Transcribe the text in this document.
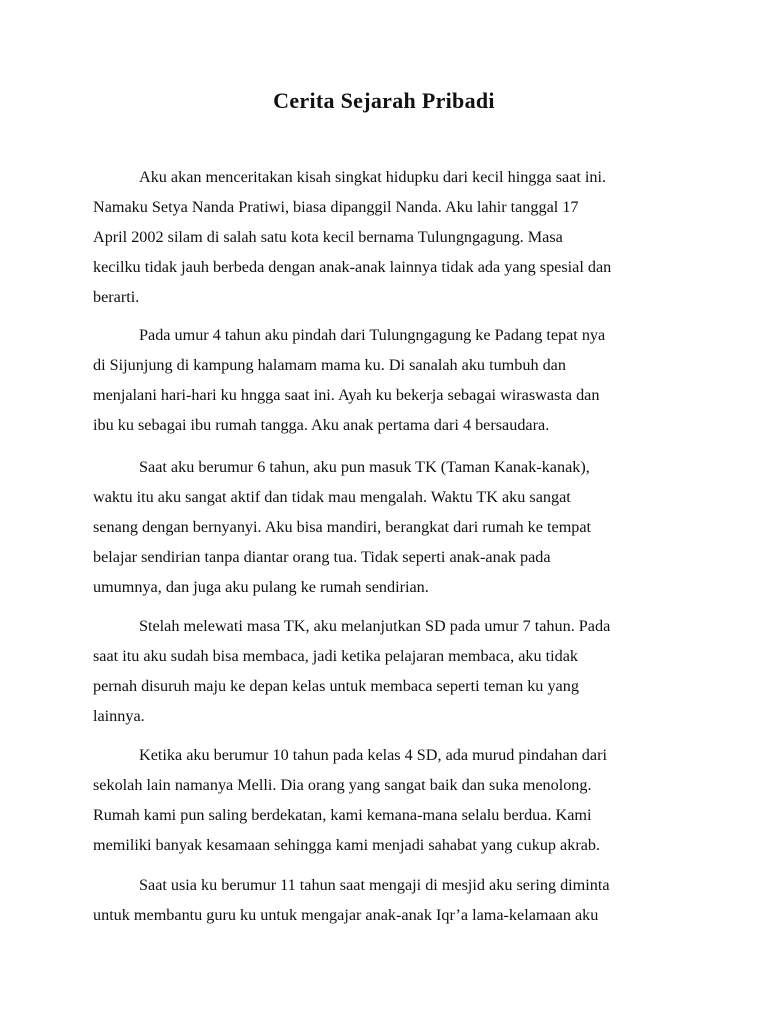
Cerita Sejarah Pribadi

Aku akan menceritakan kisah singkat hidupku dari kecil hingga saat ini.
Namaku Setya Nanda Pratiwi, biasa dipanggil Nanda. Aku lahir tanggal 17
April 2002 silam di salah satu kota kecil bernama Tulungngagung. Masa
kecilku tidak jauh berbeda dengan anak-anak lainnya tidak ada yang spesial dan
berarti.

Pada umur 4 tahun aku pindah dari Tulungngagung ke Padang tepat nya
di Sijunjung di kampung halamam mama ku. Di sanalah aku tumbuh dan
menjalani hari-hari ku hngga saat ini. Ayah ku bekerja sebagai wiraswasta dan
ibu ku sebagai ibu rumah tangga. Aku anak pertama dari 4 bersaudara.

Saat aku berumur 6 tahun, aku pun masuk TK (Taman Kanak-kanak),
waktu itu aku sangat aktif dan tidak mau mengalah. Waktu TK aku sangat
senang dengan bernyanyi. Aku bisa mandiri, berangkat dari rumah ke tempat
belajar sendirian tanpa diantar orang tua. Tidak seperti anak-anak pada
umumnya, dan juga aku pulang ke rumah sendirian.

Stelah melewati masa TK, aku melanjutkan SD pada umur 7 tahun. Pada
saat itu aku sudah bisa membaca, jadi ketika pelajaran membaca, aku tidak
pernah disuruh maju ke depan kelas untuk membaca seperti teman ku yang
lainnya.

Ketika aku berumur 10 tahun pada kelas 4 SD, ada murud pindahan dari
sekolah lain namanya Melli. Dia orang yang sangat baik dan suka menolong.
Rumah kami pun saling berdekatan, kami kemana-mana selalu berdua. Kami
memiliki banyak kesamaan sehingga kami menjadi sahabat yang cukup akrab.

Saat usia ku berumur 11 tahun saat mengaji di mesjid aku sering diminta
untuk membantu guru ku untuk mengajar anak-anak Iqr’a lama-kelamaan aku
